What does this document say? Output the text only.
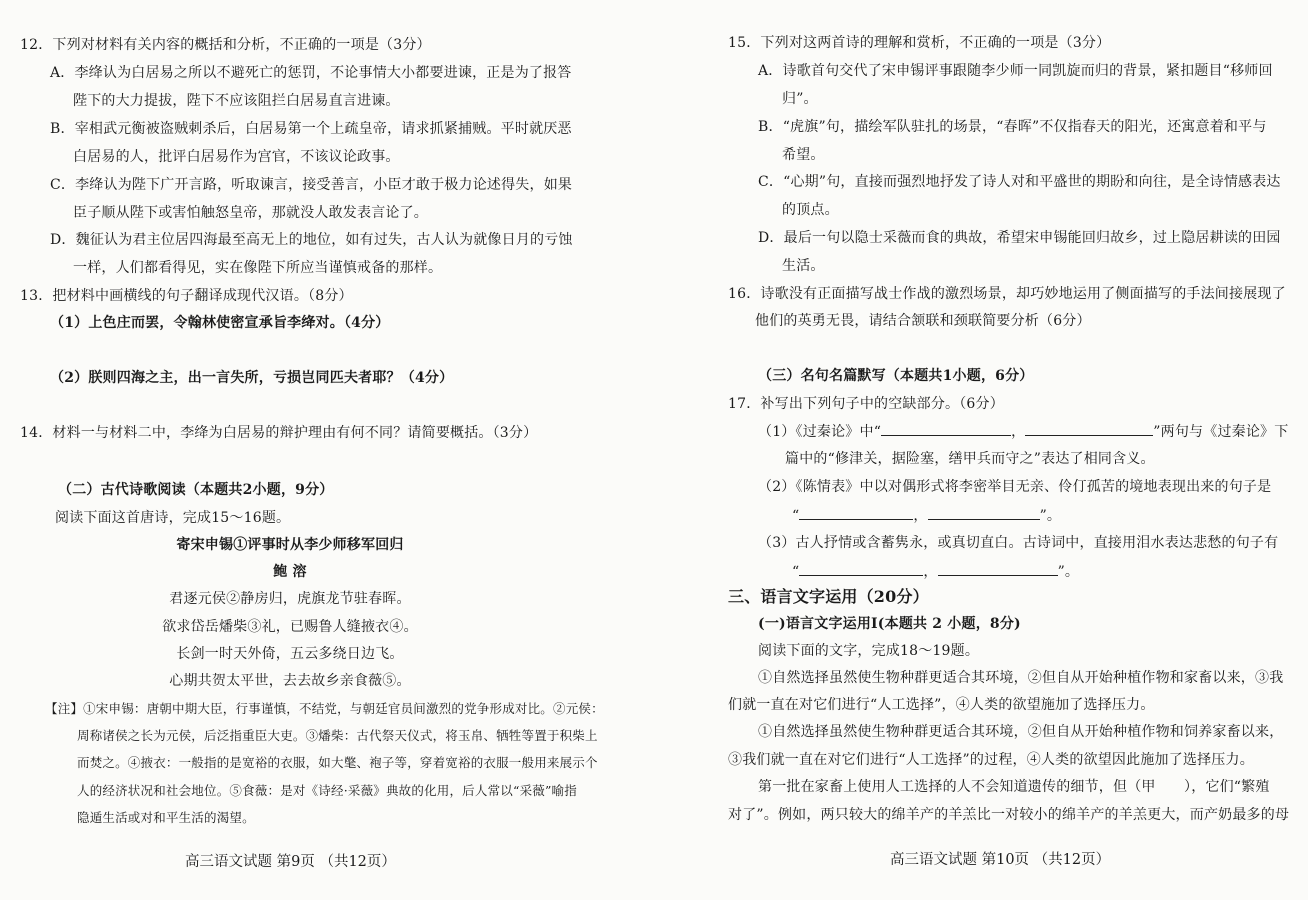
12．下列对材料有关内容的概括和分析，不正确的一项是（3分）
A．李绛认为白居易之所以不避死亡的惩罚，不论事情大小都要进谏，正是为了报答
陛下的大力提拔，陛下不应该阻拦白居易直言进谏。
B．宰相武元衡被盗贼刺杀后，白居易第一个上疏皇帝，请求抓紧捕贼。平时就厌恶
白居易的人，批评白居易作为宫官，不该议论政事。
C．李绛认为陛下广开言路，听取谏言，接受善言，小臣才敢于极力论述得失，如果
臣子顺从陛下或害怕触怒皇帝，那就没人敢发表言论了。
D．魏征认为君主位居四海最至高无上的地位，如有过失，古人认为就像日月的亏蚀
一样，人们都看得见，实在像陛下所应当谨慎戒备的那样。
13．把材料中画横线的句子翻译成现代汉语。（8分）
（1）上色庄而罢，令翰林使密宣承旨李绛对。（4分）
（2）朕则四海之主，出一言失所，亏损岂同匹夫者耶？（4分）
14．材料一与材料二中，李绛为白居易的辩护理由有何不同？请简要概括。（3分）
（二）古代诗歌阅读（本题共2小题，9分）
阅读下面这首唐诗，完成15～16题。
寄宋申锡①评事时从李少师移军回归
鲍 溶
君逐元侯②静房归，虎旗龙节驻春晖。
欲求岱岳燔柴③礼，已赐鲁人缝掖衣④。
长剑一时天外倚，五云多绕日边飞。
心期共贺太平世，去去故乡亲食薇⑤。
【注】①宋申锡：唐朝中期大臣，行事谨慎，不结党，与朝廷官员间激烈的党争形成对比。②元侯：
周称诸侯之长为元侯，后泛指重臣大吏。③燔柴：古代祭天仪式，将玉帛、牺牲等置于积柴上
而焚之。④掖衣：一般指的是宽裕的衣服，如大氅、袍子等，穿着宽裕的衣服一般用来展示个
人的经济状况和社会地位。⑤食薇：是对《诗经·采薇》典故的化用，后人常以“采薇”喻指
隐遁生活或对和平生活的渴望。
高三语文试题 第9页 （共12页）
15．下列对这两首诗的理解和赏析，不正确的一项是（3分）
A．诗歌首句交代了宋申锡评事跟随李少师一同凯旋而归的背景，紧扣题目“移师回
归”。
B．“虎旗”句，描绘军队驻扎的场景，“春晖”不仅指春天的阳光，还寓意着和平与
希望。
C．“心期”句，直接而强烈地抒发了诗人对和平盛世的期盼和向往，是全诗情感表达
的顶点。
D．最后一句以隐士采薇而食的典故，希望宋申锡能回归故乡，过上隐居耕读的田园
生活。
16．诗歌没有正面描写战士作战的激烈场景，却巧妙地运用了侧面描写的手法间接展现了
他们的英勇无畏，请结合颔联和颈联简要分析（6分）
（三）名句名篇默写（本题共1小题，6分）
17．补写出下列句子中的空缺部分。（6分）
（1）《过秦论》中“	，	”两句与《过秦论》下
篇中的“修津关，据险塞，缮甲兵而守之”表达了相同含义。
（2）《陈情表》中以对偶形式将李密举目无亲、伶仃孤苦的境地表现出来的句子是
“	，	”。
（3）古人抒情或含蓄隽永，或真切直白。古诗词中，直接用泪水表达悲愁的句子有
“	，	”。
三、语言文字运用（20分）
(一)语言文字运用Ⅰ(本题共 2 小题，8分)
阅读下面的文字，完成18～19题。
①自然选择虽然使生物种群更适合其环境，②但自从开始种植作物和家畜以来，③我
们就一直在对它们进行“人工选择”，④人类的欲望施加了选择压力。
①自然选择虽然使生物种群更适合其环境，②但自从开始种植作物和饲养家畜以来，
③我们就一直在对它们进行“人工选择”的过程，④人类的欲望因此施加了选择压力。
第一批在家畜上使用人工选择的人不会知道遗传的细节，但（甲　　），它们“繁殖
对了”。例如，两只较大的绵羊产的羊羔比一对较小的绵羊产的羊羔更大，而产奶最多的母
高三语文试题 第10页 （共12页）
